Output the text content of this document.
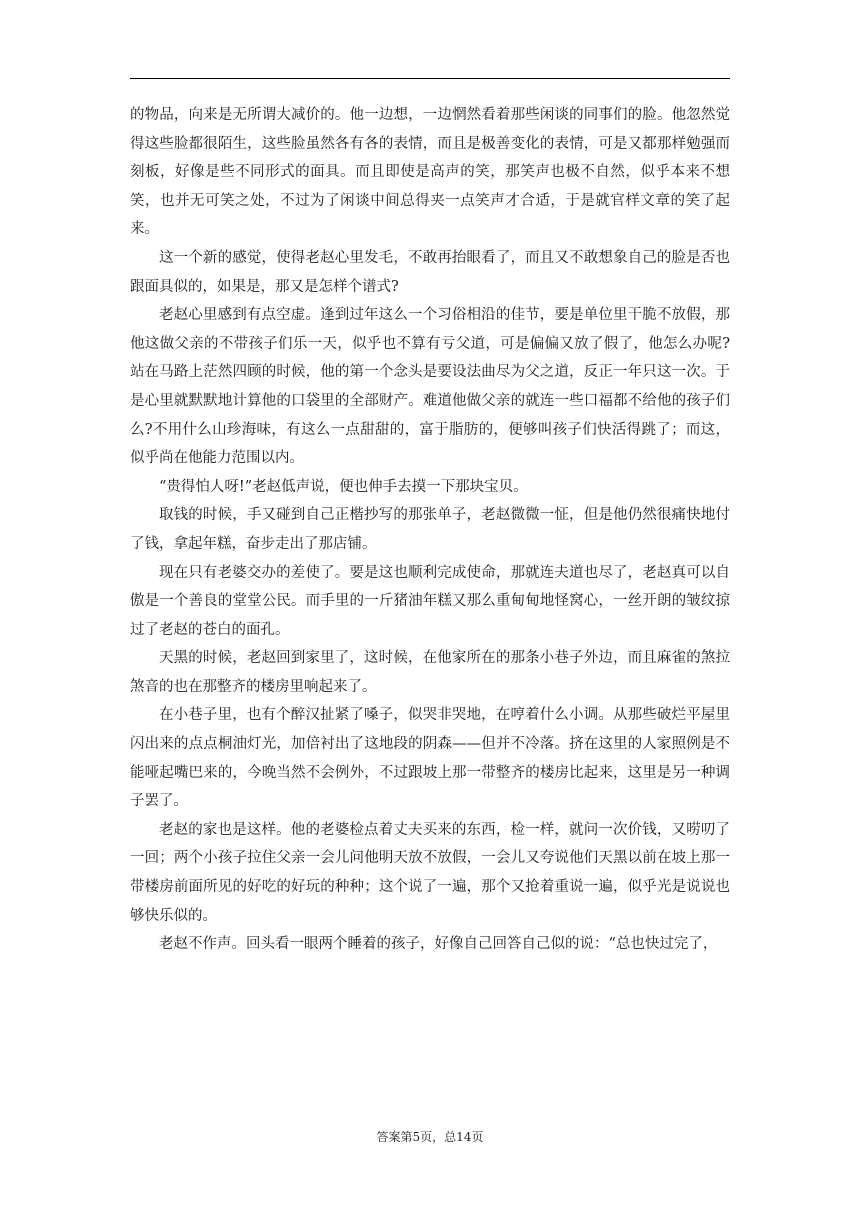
的物品，向来是无所谓大减价的。他一边想，一边惘然看着那些闲谈的同事们的脸。他忽然觉得这些脸都很陌生，这些脸虽然各有各的表情，而且是极善变化的表情，可是又都那样勉强而刻板，好像是些不同形式的面具。而且即使是高声的笑，那笑声也极不自然，似乎本来不想笑，也并无可笑之处，不过为了闲谈中间总得夹一点笑声才合适，于是就官样文章的笑了起来。

这一个新的感觉，使得老赵心里发毛，不敢再抬眼看了，而且又不敢想象自己的脸是否也跟面具似的，如果是，那又是怎样个谱式?

老赵心里感到有点空虚。逢到过年这么一个习俗相沿的佳节，要是单位里干脆不放假，那他这做父亲的不带孩子们乐一天，似乎也不算有亏父道，可是偏偏又放了假了，他怎么办呢?站在马路上茫然四顾的时候，他的第一个念头是要设法曲尽为父之道，反正一年只这一次。于是心里就默默地计算他的口袋里的全部财产。难道他做父亲的就连一些口福都不给他的孩子们么?不用什么山珍海味，有这么一点甜甜的，富于脂肪的，便够叫孩子们快活得跳了；而这，似乎尚在他能力范围以内。

“贵得怕人呀!”老赵低声说，便也伸手去摸一下那块宝贝。

取钱的时候，手又碰到自己正楷抄写的那张单子，老赵微微一怔，但是他仍然很痛快地付了钱，拿起年糕，奋步走出了那店铺。

现在只有老婆交办的差使了。要是这也顺利完成使命，那就连夫道也尽了，老赵真可以自傲是一个善良的堂堂公民。而手里的一斤猪油年糕又那么重甸甸地怪窝心，一丝开朗的皱纹掠过了老赵的苍白的面孔。

天黑的时候，老赵回到家里了，这时候，在他家所在的那条小巷子外边，而且麻雀的煞拉煞音的也在那整齐的楼房里响起来了。

在小巷子里，也有个醉汉扯紧了嗓子，似哭非哭地，在哼着什么小调。从那些破烂平屋里闪出来的点点桐油灯光，加倍衬出了这地段的阴森——但并不冷落。挤在这里的人家照例是不能哑起嘴巴来的，今晚当然不会例外，不过跟坡上那一带整齐的楼房比起来，这里是另一种调子罢了。

老赵的家也是这样。他的老婆检点着丈夫买来的东西，检一样，就问一次价钱，又唠叨了一回；两个小孩子拉住父亲一会儿问他明天放不放假，一会儿又夸说他们天黑以前在坡上那一带楼房前面所见的好吃的好玩的种种；这个说了一遍，那个又抢着重说一遍，似乎光是说说也够快乐似的。

老赵不作声。回头看一眼两个睡着的孩子，好像自己回答自己似的说：“总也快过完了，

答案第5页，总14页
